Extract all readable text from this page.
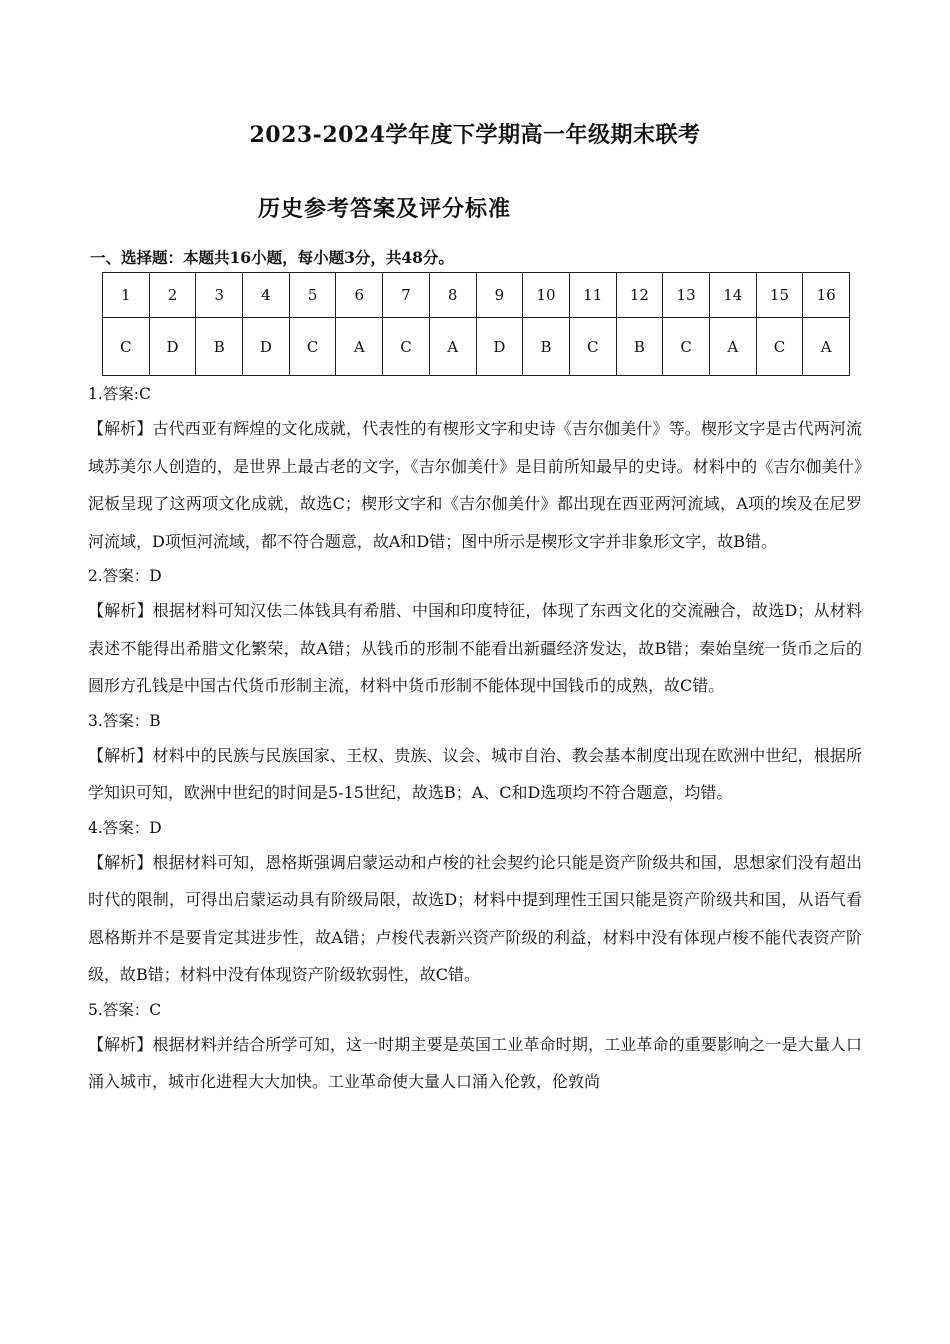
2023-2024学年度下学期高一年级期末联考
历史参考答案及评分标准
一、选择题：本题共16小题，每小题3分，共48分。
1	2	3	4	5	6	7	8	9	10	11	12	13	14	15	16
C	D	B	D	C	A	C	A	D	B	C	B	C	A	C	A
1.答案:C
【解析】古代西亚有辉煌的文化成就，代表性的有楔形文字和史诗《吉尔伽美什》等。楔形文字是古代两河流域苏美尔人创造的，是世界上最古老的文字，《吉尔伽美什》是目前所知最早的史诗。材料中的《吉尔伽美什》泥板呈现了这两项文化成就，故选C；楔形文字和《吉尔伽美什》都出现在西亚两河流域，A项的埃及在尼罗河流域，D项恒河流域，都不符合题意，故A和D错；图中所示是楔形文字并非象形文字，故B错。
2.答案：D
【解析】根据材料可知汉佉二体钱具有希腊、中国和印度特征，体现了东西文化的交流融合，故选D；从材料表述不能得出希腊文化繁荣，故A错；从钱币的形制不能看出新疆经济发达，故B错；秦始皇统一货币之后的圆形方孔钱是中国古代货币形制主流，材料中货币形制不能体现中国钱币的成熟，故C错。
3.答案：B
【解析】材料中的民族与民族国家、王权、贵族、议会、城市自治、教会基本制度出现在欧洲中世纪，根据所学知识可知，欧洲中世纪的时间是5-15世纪，故选B；A、C和D选项均不符合题意，均错。
4.答案：D
【解析】根据材料可知，恩格斯强调启蒙运动和卢梭的社会契约论只能是资产阶级共和国，思想家们没有超出时代的限制，可得出启蒙运动具有阶级局限，故选D；材料中提到理性王国只能是资产阶级共和国，从语气看恩格斯并不是要肯定其进步性，故A错；卢梭代表新兴资产阶级的利益，材料中没有体现卢梭不能代表资产阶级，故B错；材料中没有体现资产阶级软弱性，故C错。
5.答案：C
【解析】根据材料并结合所学可知，这一时期主要是英国工业革命时期，工业革命的重要影响之一是大量人口涌入城市，城市化进程大大加快。工业革命使大量人口涌入伦敦，伦敦尚
